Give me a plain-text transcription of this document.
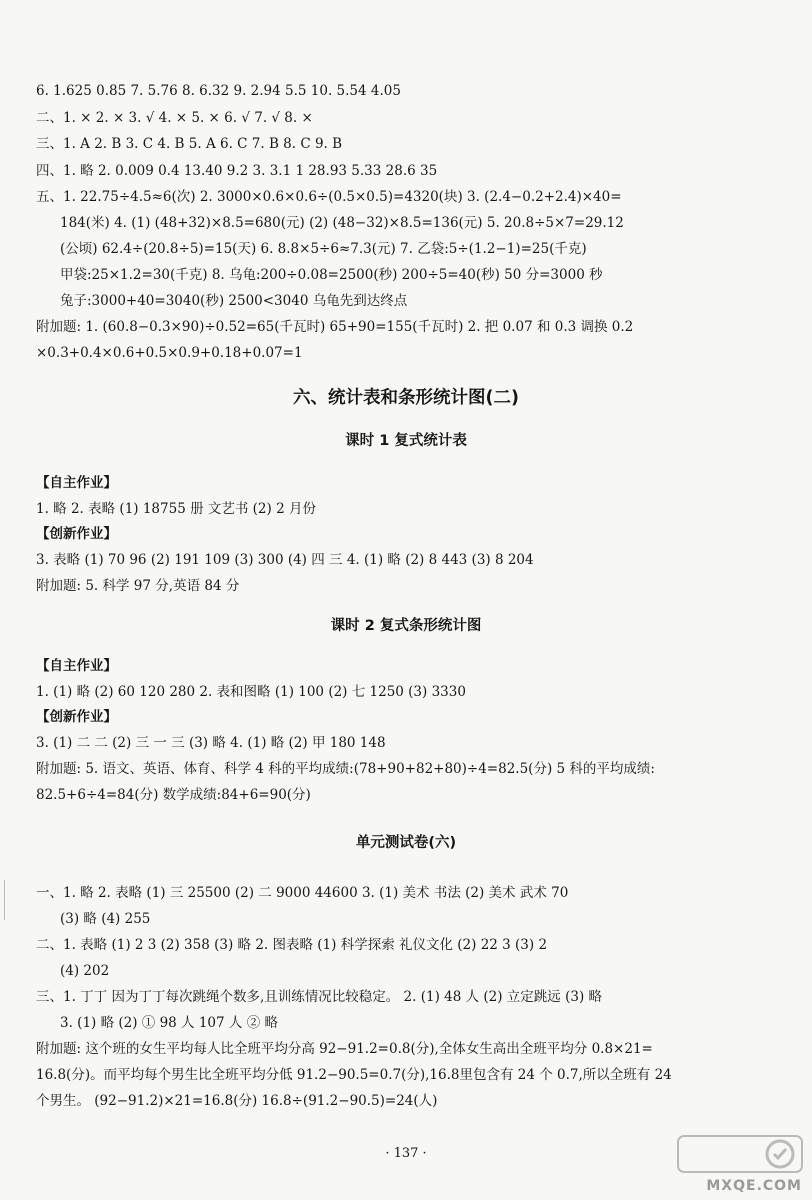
6. 1.625 0.85 7. 5.76 8. 6.32 9. 2.94 5.5 10. 5.5̇4̇ 4.05
二、1. × 2. × 3. √ 4. × 5. × 6. √ 7. √ 8. ×
三、1. A 2. B 3. C 4. B 5. A 6. C 7. B 8. C 9. B
四、1. 略 2. 0.009 0.4 13.40 9.2 3. 3.1 1 28.93 5.33 28.6 35
五、1. 22.75÷4.5≈6(次) 2. 3000×0.6×0.6÷(0.5×0.5)=4320(块) 3. (2.4−0.2+2.4)×40=
184(米) 4. (1) (48+32)×8.5=680(元) (2) (48−32)×8.5=136(元) 5. 20.8÷5×7=29.12
(公顷) 62.4÷(20.8÷5)=15(天) 6. 8.8×5÷6≈7.3(元) 7. 乙袋:5÷(1.2−1)=25(千克)
甲袋:25×1.2=30(千克) 8. 乌龟:200÷0.08=2500(秒) 200÷5=40(秒) 50 分=3000 秒
兔子:3000+40=3040(秒) 2500<3040 乌龟先到达终点
附加题: 1. (60.8−0.3×90)÷0.52=65(千瓦时) 65+90=155(千瓦时) 2. 把 0.07 和 0.3 调换 0.2
×0.3+0.4×0.6+0.5×0.9+0.18+0.07=1
六、统计表和条形统计图(二)
课时 1 复式统计表
【自主作业】
1. 略 2. 表略 (1) 18755 册 文艺书 (2) 2 月份
【创新作业】
3. 表略 (1) 70 96 (2) 191 109 (3) 300 (4) 四 三 4. (1) 略 (2) 8 443 (3) 8 204
附加题: 5. 科学 97 分,英语 84 分
课时 2 复式条形统计图
【自主作业】
1. (1) 略 (2) 60 120 280 2. 表和图略 (1) 100 (2) 七 1250 (3) 3330
【创新作业】
3. (1) 二 二 (2) 三 一 三 (3) 略 4. (1) 略 (2) 甲 180 148
附加题: 5. 语文、英语、体育、科学 4 科的平均成绩:(78+90+82+80)÷4=82.5(分) 5 科的平均成绩:
82.5+6÷4=84(分) 数学成绩:84+6=90(分)
单元测试卷(六)
一、1. 略 2. 表略 (1) 三 25500 (2) 二 9000 44600 3. (1) 美术 书法 (2) 美术 武术 70
(3) 略 (4) 255
二、1. 表略 (1) 2 3 (2) 358 (3) 略 2. 图表略 (1) 科学探索 礼仪文化 (2) 22 3 (3) 2
(4) 202
三、1. 丁丁 因为丁丁每次跳绳个数多,且训练情况比较稳定。 2. (1) 48 人 (2) 立定跳远 (3) 略
3. (1) 略 (2) ① 98 人 107 人 ② 略
附加题: 这个班的女生平均每人比全班平均分高 92−91.2=0.8(分),全体女生高出全班平均分 0.8×21=
16.8(分)。而平均每个男生比全班平均分低 91.2−90.5=0.7(分),16.8里包含有 24 个 0.7,所以全班有 24
个男生。 (92−91.2)×21=16.8(分) 16.8÷(91.2−90.5)=24(人)
· 137 ·
MXQE.COM
